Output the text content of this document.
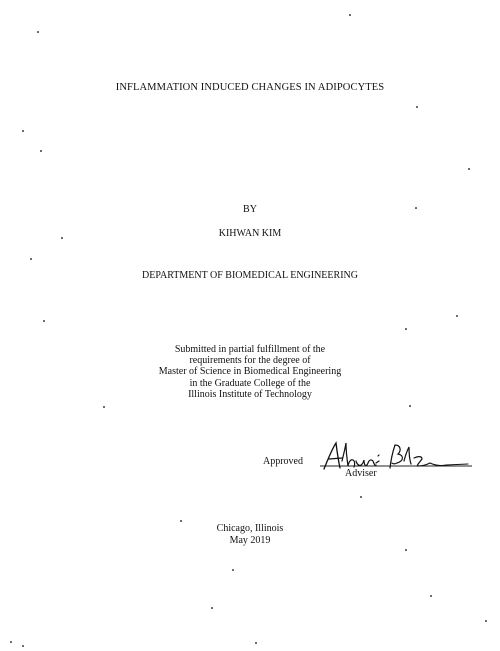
INFLAMMATION INDUCED CHANGES IN ADIPOCYTES
BY
KIHWAN KIM
DEPARTMENT OF BIOMEDICAL ENGINEERING
Submitted in partial fulfillment of the
requirements for the degree of
Master of Science in Biomedical Engineering
in the Graduate College of the
Illinois Institute of Technology
Approved
Adviser
Chicago, Illinois
May 2019
